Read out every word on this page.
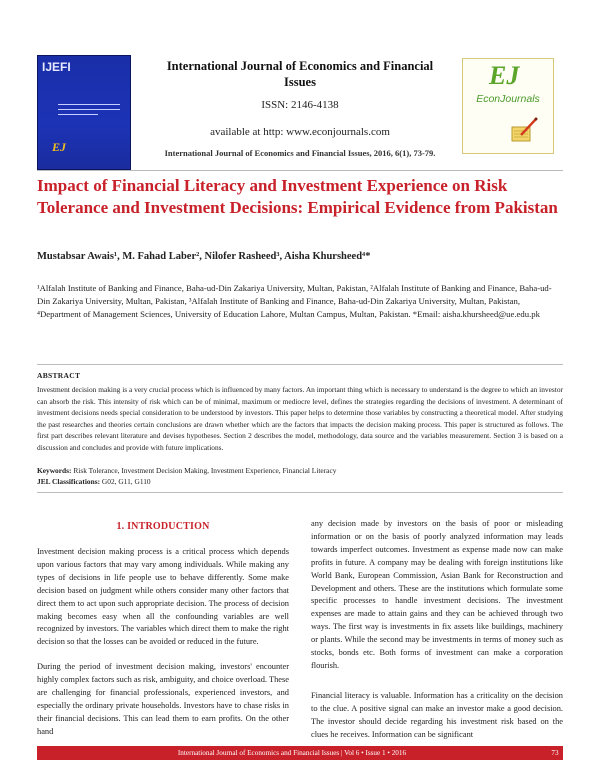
IJEFI
EJ
International Journal of Economics and Financial Issues
ISSN: 2146-4138
available at http: www.econjournals.com
International Journal of Economics and Financial Issues, 2016, 6(1), 73-79.
EJ
EconJournals
Impact of Financial Literacy and Investment Experience on Risk Tolerance and Investment Decisions: Empirical Evidence from Pakistan
Mustabsar Awais¹, M. Fahad Laber², Nilofer Rasheed³, Aisha Khursheed⁴*
¹Alfalah Institute of Banking and Finance, Baha-ud-Din Zakariya University, Multan, Pakistan, ²Alfalah Institute of Banking and Finance, Baha-ud-Din Zakariya University, Multan, Pakistan, ³Alfalah Institute of Banking and Finance, Baha-ud-Din Zakariya University, Multan, Pakistan, ⁴Department of Management Sciences, University of Education Lahore, Multan Campus, Multan, Pakistan. *Email: aisha.khursheed@ue.edu.pk
ABSTRACT
Investment decision making is a very crucial process which is influenced by many factors. An important thing which is necessary to understand is the degree to which an investor can absorb the risk. This intensity of risk which can be of minimal, maximum or mediocre level, defines the strategies regarding the decisions of investment. A determinant of investment decisions needs special consideration to be understood by investors. This paper helps to determine those variables by constructing a theoretical model. After studying the past researches and theories certain conclusions are drawn whether which are the factors that impacts the decision making process. This paper is structured as follows. The first part describes relevant literature and devises hypotheses. Section 2 describes the model, methodology, data source and the variables measurement. Section 3 is based on a discussion and concludes and provide with future implications.
Keywords: Risk Tolerance, Investment Decision Making, Investment Experience, Financial Literacy
JEL Classifications: G02, G11, G110
1. INTRODUCTION
Investment decision making process is a critical process which depends upon various factors that may vary among individuals. While making any types of decisions in life people use to behave differently. Some make decision based on judgment while others consider many other factors that direct them to act upon such appropriate decision. The process of decision making becomes easy when all the confounding variables are well recognized by investors. The variables which direct them to make the right decision so that the losses can be avoided or reduced in the future.
During the period of investment decision making, investors' encounter highly complex factors such as risk, ambiguity, and choice overload. These are challenging for financial professionals, experienced investors, and especially the ordinary private households. Investors have to chase risks in their financial decisions. This can lead them to earn profits. On the other hand
any decision made by investors on the basis of poor or misleading information or on the basis of poorly analyzed information may leads towards imperfect outcomes. Investment as expense made now can make profits in future. A company may be dealing with foreign institutions like World Bank, European Commission, Asian Bank for Reconstruction and Development and others. These are the institutions which formulate some specific processes to handle investment decisions. The investment expenses are made to attain gains and they can be achieved through two ways. The first way is investments in fix assets like buildings, machinery or plants. While the second may be investments in terms of money such as stocks, bonds etc. Both forms of investment can make a corporation flourish.
Financial literacy is valuable. Information has a criticality on the decision to the clue. A positive signal can make an investor make a good decision. The investor should decide regarding his investment risk based on the clues he receives. Information can be significant
International Journal of Economics and Financial Issues | Vol 6 • Issue 1 • 2016	73
